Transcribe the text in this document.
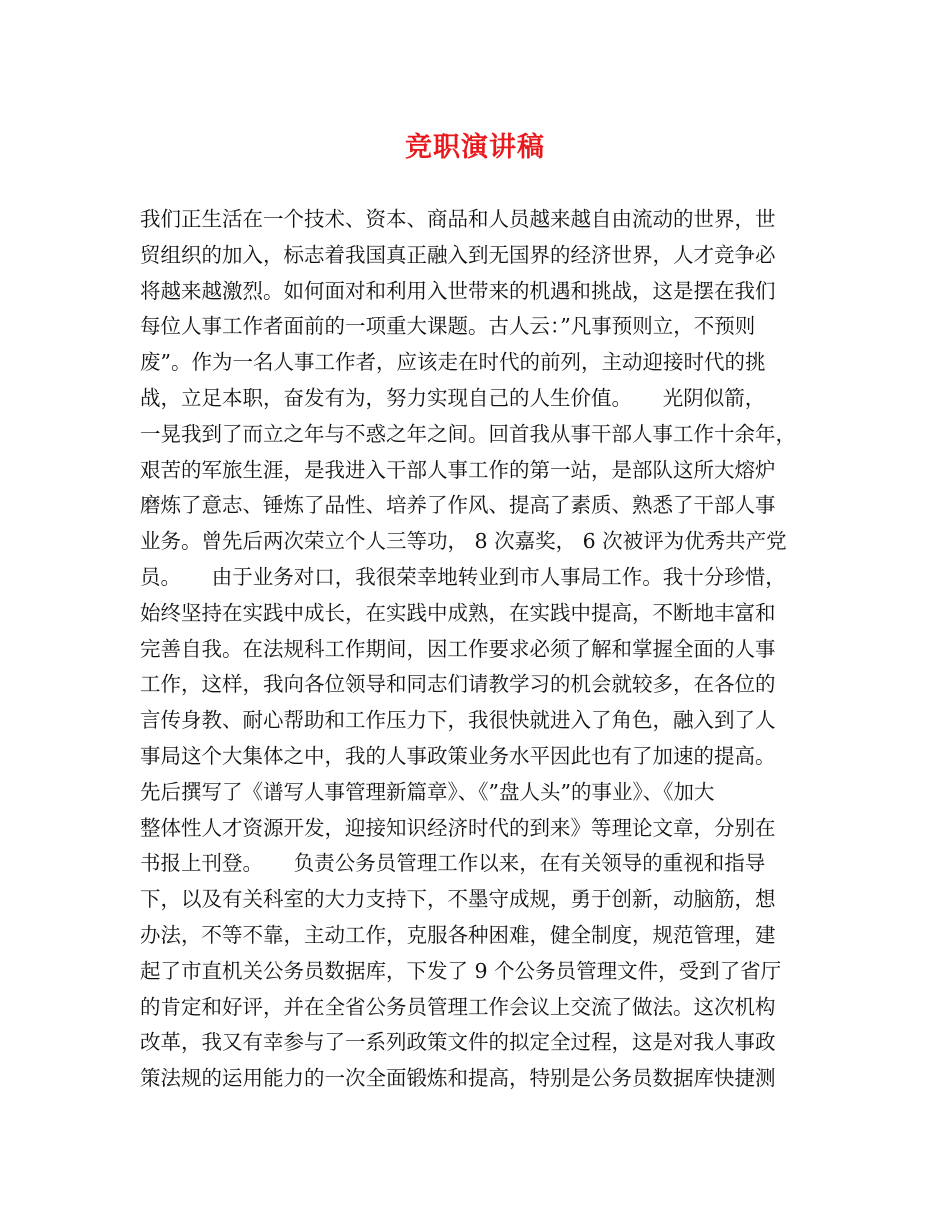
竞职演讲稿
我们正生活在一个技术、资本、商品和人员越来越自由流动的世界，世
贸组织的加入，标志着我国真正融入到无国界的经济世界，人才竞争必
将越来越激烈。如何面对和利用入世带来的机遇和挑战，这是摆在我们
每位人事工作者面前的一项重大课题。古人云：”凡事预则立，不预则
废”。作为一名人事工作者，应该走在时代的前列，主动迎接时代的挑
战，立足本职，奋发有为，努力实现自己的人生价值。　　光阴似箭，
一晃我到了而立之年与不惑之年之间。回首我从事干部人事工作十余年，
艰苦的军旅生涯，是我进入干部人事工作的第一站，是部队这所大熔炉
磨炼了意志、锤炼了品性、培养了作风、提高了素质、熟悉了干部人事
业务。曾先后两次荣立个人三等功， 8 次嘉奖， 6 次被评为优秀共产党
员。　　由于业务对口，我很荣幸地转业到市人事局工作。我十分珍惜，
始终坚持在实践中成长，在实践中成熟，在实践中提高，不断地丰富和
完善自我。在法规科工作期间，因工作要求必须了解和掌握全面的人事
工作，这样，我向各位领导和同志们请教学习的机会就较多，在各位的
言传身教、耐心帮助和工作压力下，我很快就进入了角色，融入到了人
事局这个大集体之中，我的人事政策业务水平因此也有了加速的提高。
先后撰写了《谱写人事管理新篇章》、《”盘人头”的事业》、《加大
整体性人才资源开发，迎接知识经济时代的到来》等理论文章，分别在
书报上刊登。　　负责公务员管理工作以来，在有关领导的重视和指导
下，以及有关科室的大力支持下，不墨守成规，勇于创新，动脑筋，想
办法，不等不靠，主动工作，克服各种困难，健全制度，规范管理，建
起了市直机关公务员数据库，下发了 9 个公务员管理文件，受到了省厅
的肯定和好评，并在全省公务员管理工作会议上交流了做法。这次机构
改革，我又有幸参与了一系列政策文件的拟定全过程，这是对我人事政
策法规的运用能力的一次全面锻炼和提高，特别是公务员数据库快捷测
